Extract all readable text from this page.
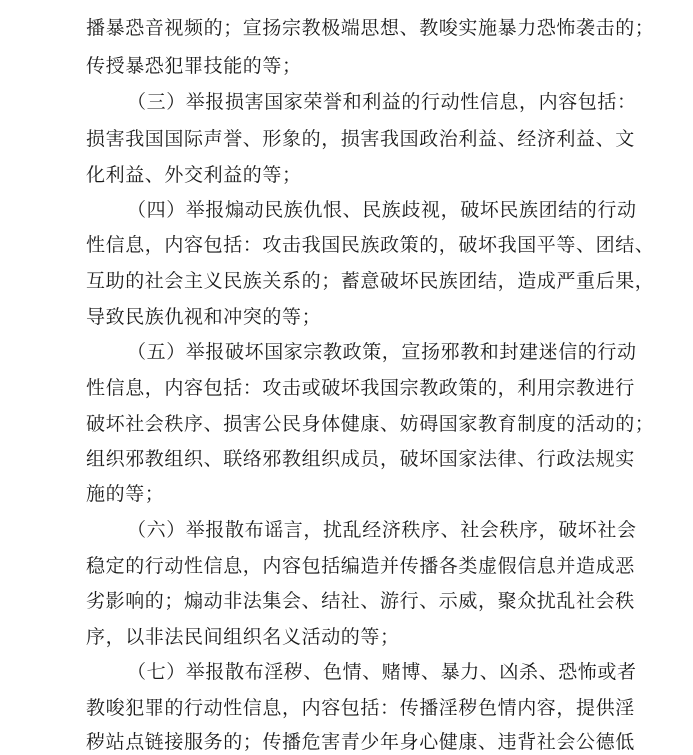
播暴恐音视频的；宣扬宗教极端思想、教唆实施暴力恐怖袭击的；

传授暴恐犯罪技能的等；

（三）举报损害国家荣誉和利益的行动性信息，内容包括：

损害我国国际声誉、形象的，损害我国政治利益、经济利益、文

化利益、外交利益的等；

（四）举报煽动民族仇恨、民族歧视，破坏民族团结的行动

性信息，内容包括：攻击我国民族政策的，破坏我国平等、团结、

互助的社会主义民族关系的；蓄意破坏民族团结，造成严重后果，

导致民族仇视和冲突的等；

（五）举报破坏国家宗教政策，宣扬邪教和封建迷信的行动

性信息，内容包括：攻击或破坏我国宗教政策的，利用宗教进行

破坏社会秩序、损害公民身体健康、妨碍国家教育制度的活动的；

组织邪教组织、联络邪教组织成员，破坏国家法律、行政法规实

施的等；

（六）举报散布谣言，扰乱经济秩序、社会秩序，破坏社会

稳定的行动性信息，内容包括编造并传播各类虚假信息并造成恶

劣影响的；煽动非法集会、结社、游行、示威，聚众扰乱社会秩

序，以非法民间组织名义活动的等；

（七）举报散布淫秽、色情、赌博、暴力、凶杀、恐怖或者

教唆犯罪的行动性信息，内容包括：传播淫秽色情内容，提供淫

秽站点链接服务的；传播危害青少年身心健康、违背社会公德低
